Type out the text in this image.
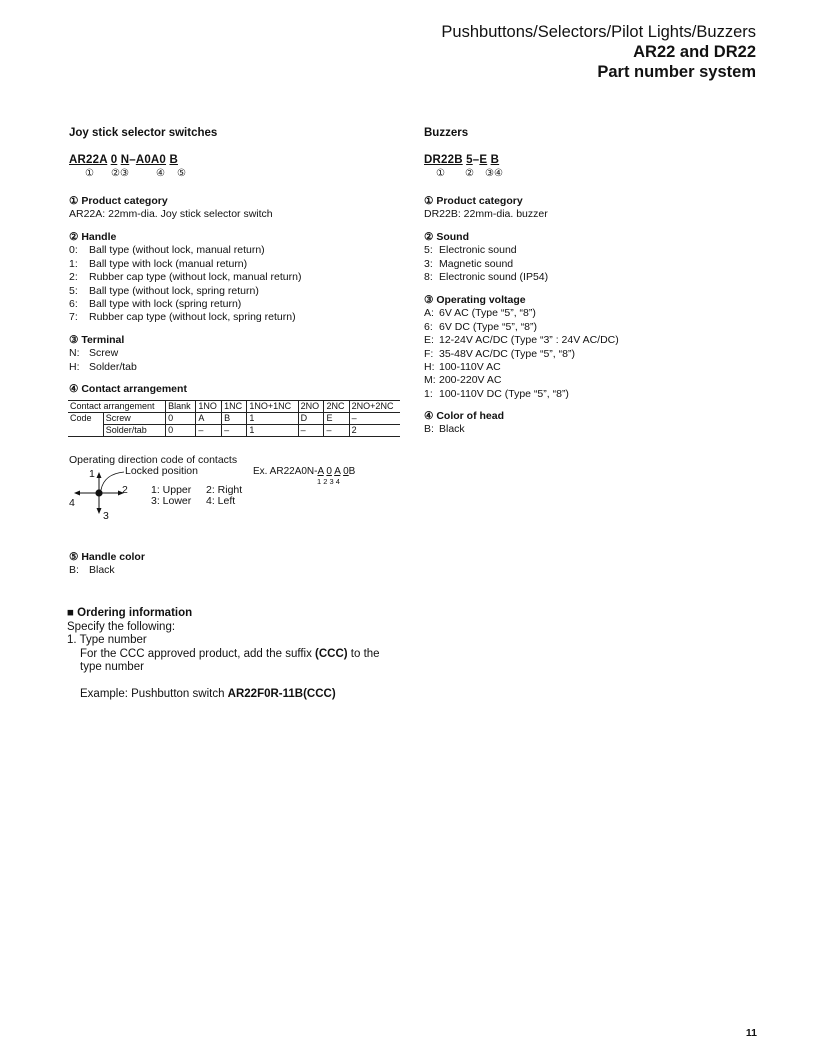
Pushbuttons/Selectors/Pilot Lights/Buzzers
AR22 and DR22
Part number system
Joy stick selector switches
AR22A 0 N–A0A0 B
① ②③	④ ⑤
① Product category
AR22A: 22mm-dia. Joy stick selector switch
② Handle
0: Ball type (without lock, manual return)
1: Ball type with lock (manual return)
2: Rubber cap type (without lock, manual return)
5: Ball type (without lock, spring return)
6: Ball type with lock (spring return)
7: Rubber cap type (without lock, spring return)
③ Terminal
N: Screw
H: Solder/tab
④ Contact arrangement
Contact arrangement		Blank	1NO	1NC	1NO+1NC	2NO	2NC	2NO+2NC
Code	Screw	0	A	B	1	D	E	–
	Solder/tab	0	–	–	1	–	–	2
Operating direction code of contacts
Locked position
1
2
3
4
1: Upper 2: Right
3: Lower 4: Left
Ex. AR22A0N-A 0 A 0B
1 2 3 4
⑤ Handle color
B: Black
■ Ordering information
Specify the following:
1. Type number
For the CCC approved product, add the suffix (CCC) to the
type number
Example: Pushbutton switch AR22F0R-11B(CCC)
Buzzers
DR22B 5–E B
① ② ③④
① Product category
DR22B: 22mm-dia. buzzer
② Sound
5: Electronic sound
3: Magnetic sound
8: Electronic sound (IP54)
③ Operating voltage
A: 6V AC (Type “5”, “8”)
6: 6V DC (Type “5”, “8”)
E: 12-24V AC/DC (Type “3” : 24V AC/DC)
F: 35-48V AC/DC (Type “5”, “8”)
H: 100-110V AC
M: 200-220V AC
1: 100-110V DC (Type “5”, “8”)
④ Color of head
B: Black
11
